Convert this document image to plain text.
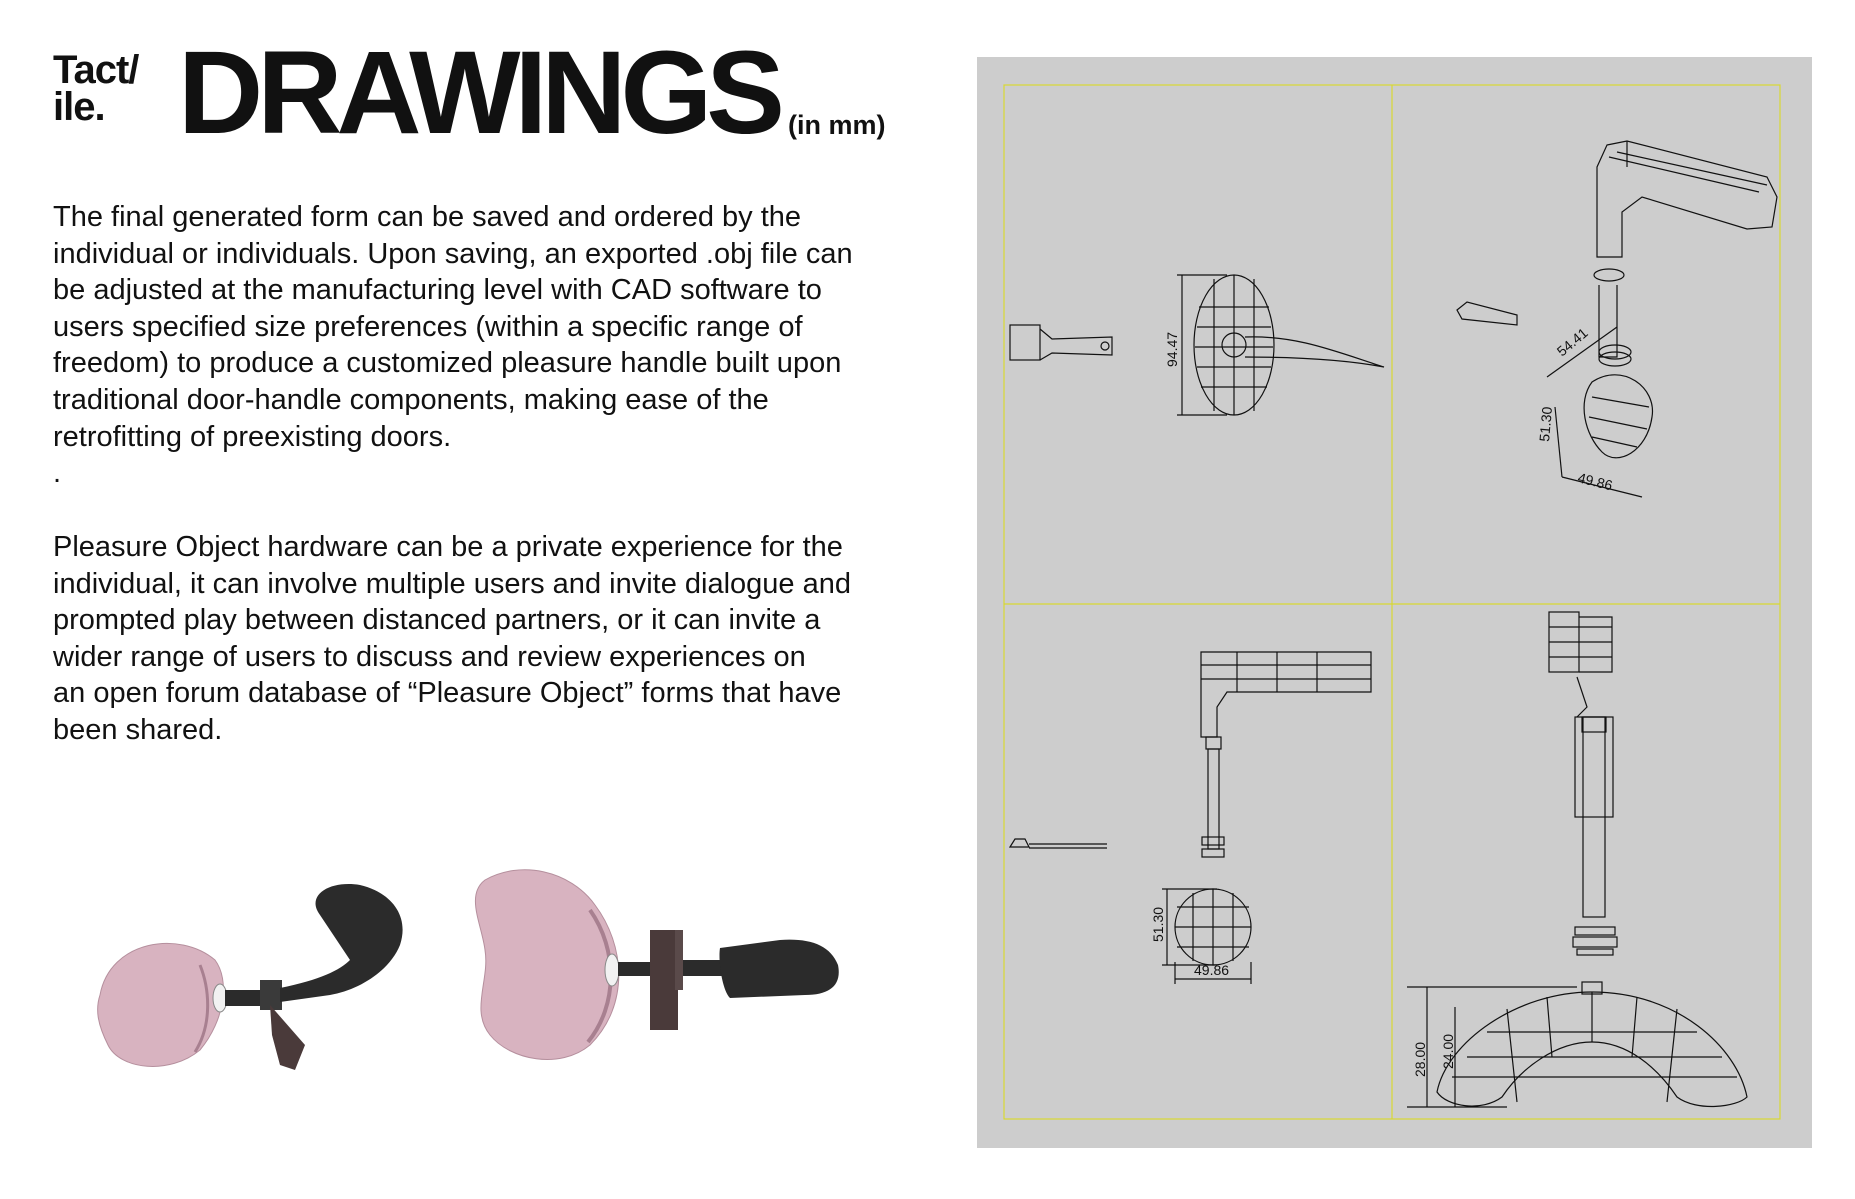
Tact/
ile. DRAWINGS (in mm)

The final generated form can be saved and ordered by the
individual or individuals. Upon saving, an exported .obj file can
be adjusted at the manufacturing level with CAD software to
users specified size preferences (within a specific range of
freedom) to produce a customized pleasure handle built upon
traditional door-handle components, making ease of the
retrofitting of preexisting doors.
.

Pleasure Object hardware can be a private experience for the
individual, it can involve multiple users and invite dialogue and
prompted play between distanced partners, or it can invite a
wider range of users to discuss and review experiences on
an open forum database of “Pleasure Object” forms that have
been shared.

94.47	54.41
51.30
49.86
51.30
49.86
28.00 24.00
